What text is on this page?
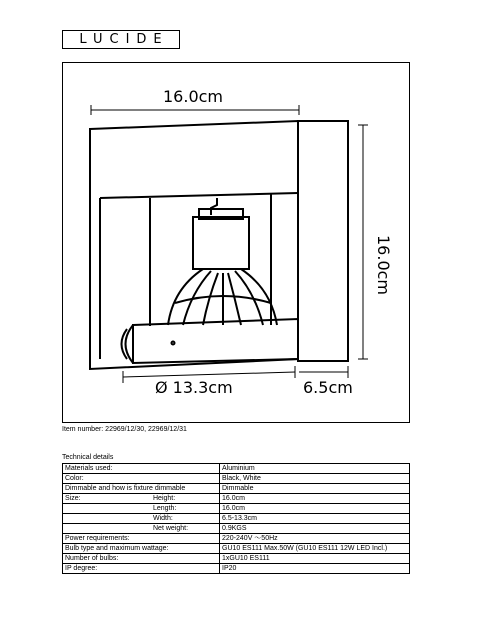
LUCIDE
16.0cm
16.0cm
Ø 13.3cm	6.5cm
Item number: 22969/12/30, 22969/12/31
Technical details
Materials used:	Aluminium
Color:	Black, White
Dimmable and how is fixture dimmable	Dimmable
Size: Height:	16.0cm
Length:	16.0cm
Width:	6.5-13.3cm
Net weight:	0.9KGS
Power requirements:	220-240V ～50Hz
Bulb type and maximum wattage:	GU10 ES111 Max.50W (GU10 ES111 12W LED Incl.)
Number of bulbs:	1xGU10 ES111
IP degree:	IP20
